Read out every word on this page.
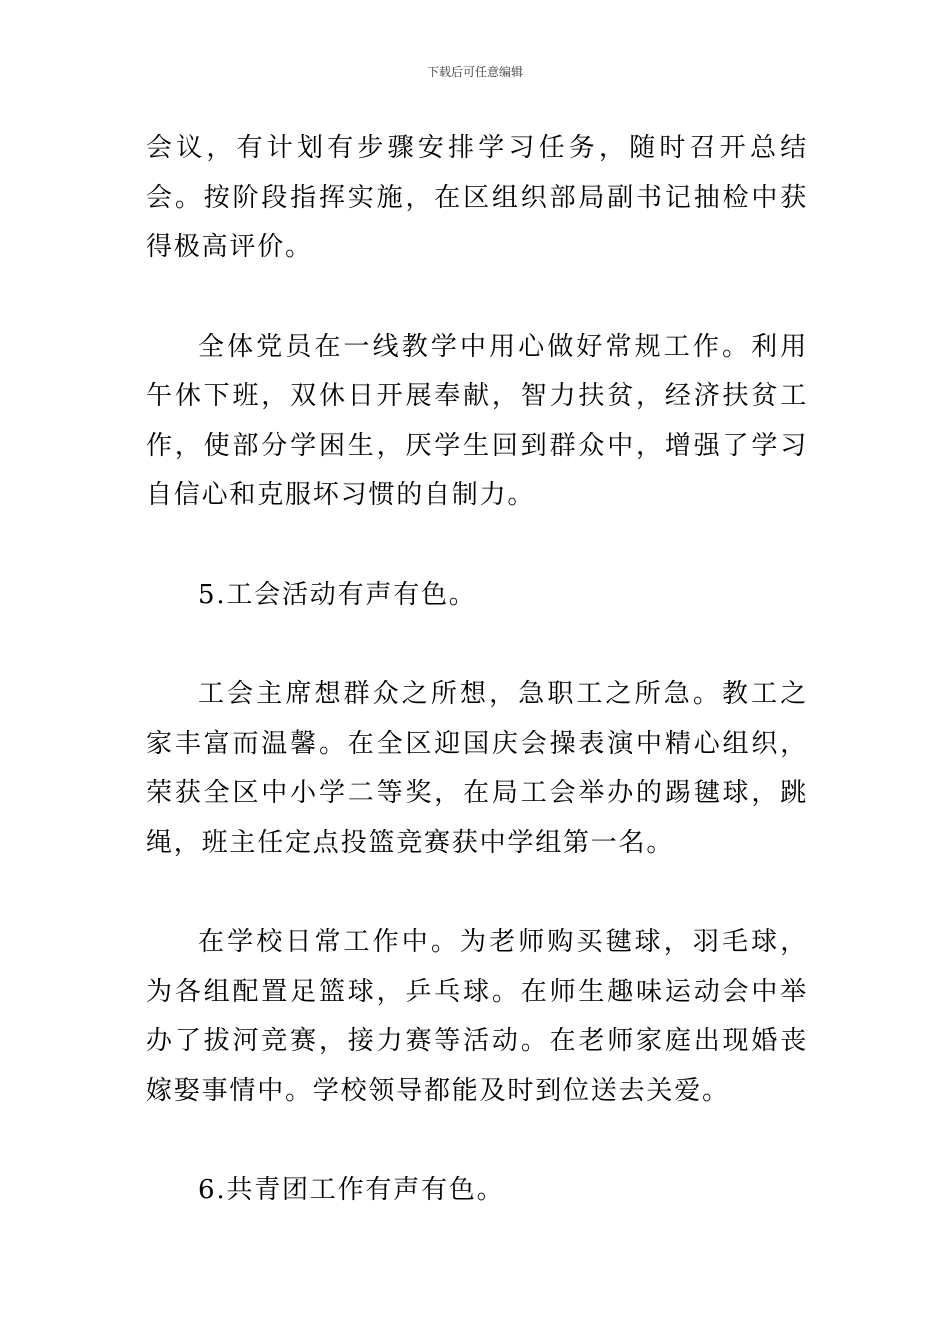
下载后可任意编辑

会议，有计划有步骤安排学习任务，随时召开总结会。按阶段指挥实施，在区组织部局副书记抽检中获得极高评价。

全体党员在一线教学中用心做好常规工作。利用午休下班，双休日开展奉献，智力扶贫，经济扶贫工作，使部分学困生，厌学生回到群众中，增强了学习自信心和克服坏习惯的自制力。

5.工会活动有声有色。

工会主席想群众之所想，急职工之所急。教工之家丰富而温馨。在全区迎国庆会操表演中精心组织，荣获全区中小学二等奖，在局工会举办的踢毽球，跳绳，班主任定点投篮竞赛获中学组第一名。

在学校日常工作中。为老师购买毽球，羽毛球，为各组配置足篮球，乒乓球。在师生趣味运动会中举办了拔河竞赛，接力赛等活动。在老师家庭出现婚丧嫁娶事情中。学校领导都能及时到位送去关爱。

6.共青团工作有声有色。
